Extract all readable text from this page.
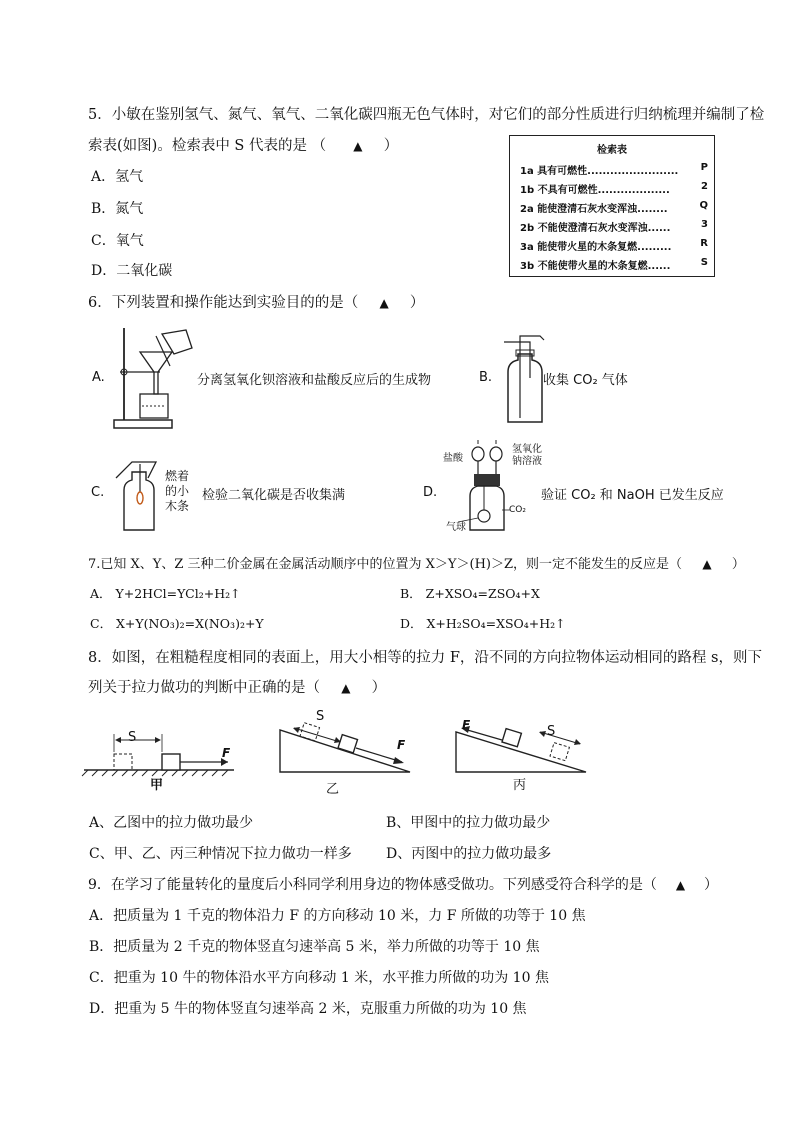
5．小敏在鉴别氢气、氮气、氧气、二氧化碳四瓶无色气体时，对它们的部分性质进行归纳梳理并编制了检
索表(如图)。检索表中 S 代表的是 （ ▲ ）
A．氢气
B．氮气
C．氧气
D．二氧化碳
检索表
1a 具有可燃性........................ P
1b 不具有可燃性...................	2
2a 能使澄清石灰水变浑浊........	Q
2b 不能使澄清石灰水变浑浊......	3
3a 能使带火星的木条复燃.........	R
3b 不能使带火星的木条复燃......	S
6．下列装置和操作能达到实验目的的是（ ▲ ）
A.	分离氢氧化钡溶液和盐酸反应后的生成物	B.	收集 CO₂ 气体
C.
燃着
的小
木条
检验二氧化碳是否收集满	D.
盐酸
氢氧化
钠溶液
CO₂
气球
验证 CO₂ 和 NaOH 已发生反应
7.已知 X、Y、Z 三种二价金属在金属活动顺序中的位置为 X＞Y＞(H)＞Z，则一定不能发生的反应是（ ▲ ）
A． Y+2HCl=YCl₂+H₂↑	B． Z+XSO₄=ZSO₄+X
C． X+Y(NO₃)₂=X(NO₃)₂+Y	D． X+H₂SO₄=XSO₄+H₂↑
8．如图，在粗糙程度相同的表面上，用大小相等的拉力 F，沿不同的方向拉物体运动相同的路程 s，则下
列关于拉力做功的判断中正确的是（ ▲ ）
S
F
甲
S
F
乙
F	S
丙
A、乙图中的拉力做功最少	B、甲图中的拉力做功最少
C、甲、乙、丙三种情况下拉力做功一样多 D、丙图中的拉力做功最多
9．在学习了能量转化的量度后小科同学利用身边的物体感受做功。下列感受符合科学的是（ ▲ ）
A．把质量为 1 千克的物体沿力 F 的方向移动 10 米，力 F 所做的功等于 10 焦
B．把质量为 2 千克的物体竖直匀速举高 5 米，举力所做的功等于 10 焦
C．把重为 10 牛的物体沿水平方向移动 1 米，水平推力所做的功为 10 焦
D．把重为 5 牛的物体竖直匀速举高 2 米，克服重力所做的功为 10 焦
